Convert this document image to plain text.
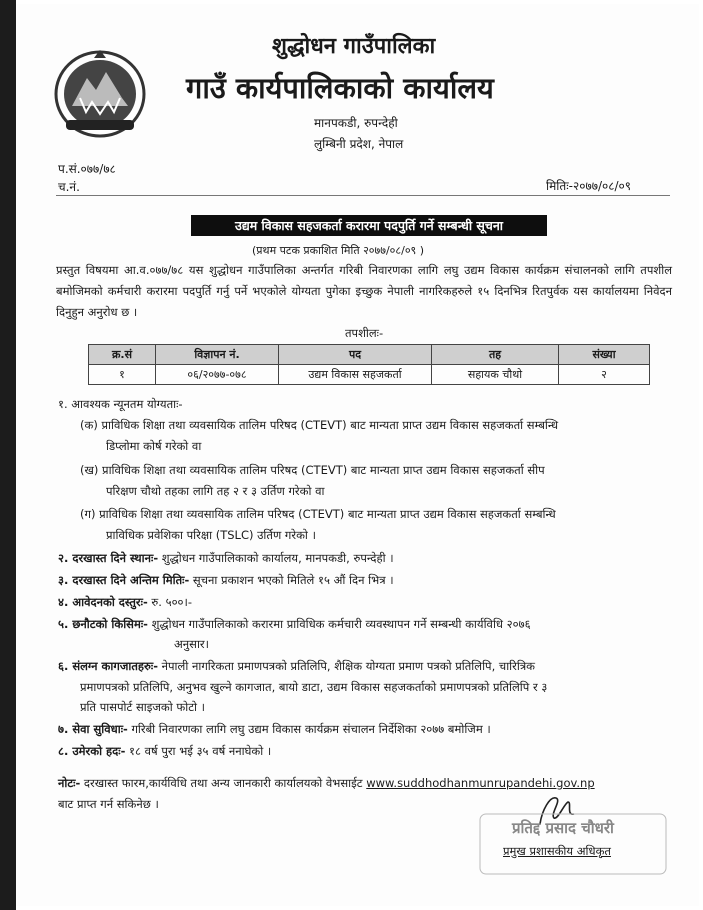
शुद्धोधन गाउँपालिका
गाउँ कार्यपालिकाको कार्यालय
मानपकडी, रुपन्देही
लुम्बिनी प्रदेश, नेपाल
प.सं.०७७/७८
च.नं.	मितिः-२०७७/०८/०९
उद्यम विकास सहजकर्ता करारमा पदपुर्ति गर्ने सम्बन्धी सूचना
(प्रथम पटक प्रकाशित मिति २०७७/०८/०९ )
प्रस्तुत विषयमा आ.व.०७७/७८ यस शुद्धोधन गाउँपालिका अन्तर्गत गरिबी निवारणका लागि लघु उद्यम विकास कार्यक्रम संचालनको लागि तपशील बमोजिमको कर्मचारी करारमा पदपुर्ति गर्नु पर्ने भएकोले योग्यता पुगेका इच्छुक नेपाली नागरिकहरुले १५ दिनभित्र रितपुर्वक यस कार्यालयमा निवेदन दिनुहुन अनुरोध छ ।
तपशीलः-
क्र.सं	विज्ञापन नं.	पद	तह	संख्या
१	०६/२०७७-०७८	उद्यम विकास सहजकर्ता	सहायक चौथो	२
१. आवश्यक न्यूनतम योग्यताः-
(क) प्राविधिक शिक्षा तथा व्यवसायिक तालिम परिषद (CTEVT) बाट मान्यता प्राप्त उद्यम विकास सहजकर्ता सम्बन्धि
डिप्लोमा कोर्ष गरेको वा
(ख) प्राविधिक शिक्षा तथा व्यवसायिक तालिम परिषद (CTEVT) बाट मान्यता प्राप्त उद्यम विकास सहजकर्ता सीप
परिक्षण चौथो तहका लागि तह २ र ३ उर्तिण गरेको वा
(ग) प्राविधिक शिक्षा तथा व्यवसायिक तालिम परिषद (CTEVT) बाट मान्यता प्राप्त उद्यम विकास सहजकर्ता सम्बन्धि
प्राविधिक प्रवेशिका परिक्षा (TSLC) उर्तिण गरेको ।
२. दरखास्त दिने स्थानः- शुद्धोधन गाउँपालिकाको कार्यालय, मानपकडी, रुपन्देही ।
३. दरखास्त दिने अन्तिम मितिः- सूचना प्रकाशन भएको मितिले १५ औं दिन भित्र ।
४. आवेदनको दस्तुरः- रु. ५००।-
५. छनौटको किसिमः- शुद्धोधन गाउँपालिकाको करारमा प्राविधिक कर्मचारी व्यवस्थापन गर्ने सम्बन्धी कार्यविधि २०७६
अनुसार।
६. संलग्न कागजातहरुः- नेपाली नागरिकता प्रमाणपत्रको प्रतिलिपि, शैक्षिक योग्यता प्रमाण पत्रको प्रतिलिपि, चारित्रिक
प्रमाणपत्रको प्रतिलिपि, अनुभव खुल्ने कागजात, बायो डाटा, उद्यम विकास सहजकर्ताको प्रमाणपत्रको प्रतिलिपि र ३
प्रति पासपोर्ट साइजको फोटो ।
७. सेवा सुविधाः- गरिबी निवारणका लागि लघु उद्यम विकास कार्यक्रम संचालन निर्देशिका २०७७ बमोजिम ।
८. उमेरको हदः- १८ वर्ष पुरा भई ३५ वर्ष ननाघेको ।
नोटः- दरखास्त फारम,कार्यविधि तथा अन्य जानकारी कार्यालयको वेभसाईट www.suddhodhanmunrupandehi.gov.np
बाट प्राप्त गर्न सकिनेछ ।
प्रतिद्द प्रसाद चौधरी
प्रमुख प्रशासकीय अधिकृत
